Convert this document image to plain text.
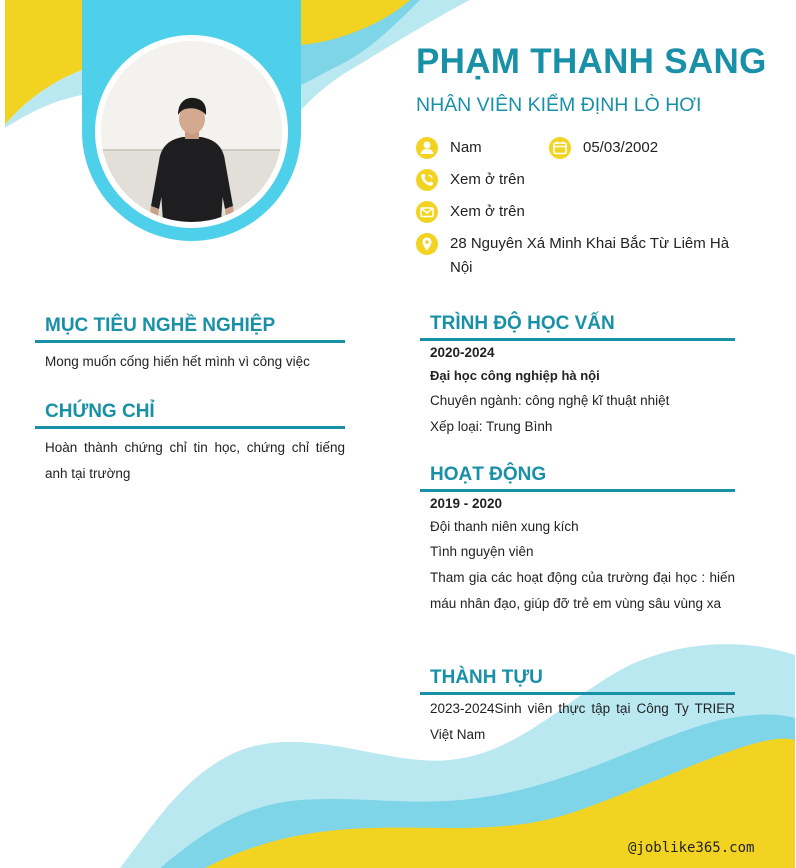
PHẠM THANH SANG
NHÂN VIÊN KIỂM ĐỊNH LÒ HƠI
Nam	05/03/2002
Xem ở trên
Xem ở trên
28 Nguyên Xá Minh Khai Bắc Từ Liêm Hà Nội
MỤC TIÊU NGHỀ NGHIỆP
Mong muốn cống hiến hết mình vì công việc
CHỨNG CHỈ
Hoàn thành chứng chỉ tin học, chứng chỉ tiếng anh tại trường
TRÌNH ĐỘ HỌC VẤN
2020-2024
Đại học công nghiệp hà nội
Chuyên ngành: công nghệ kĩ thuật nhiệt
Xếp loại: Trung Bình
HOẠT ĐỘNG
2019 - 2020
Đội thanh niên xung kích
Tình nguyện viên
Tham gia các hoạt động của trường đại học : hiến máu nhân đạo, giúp đỡ trẻ em vùng sâu vùng xa
THÀNH TỰU
2023-2024Sinh viên thực tập tại Công Ty TRIER Việt Nam
@joblike365.com
